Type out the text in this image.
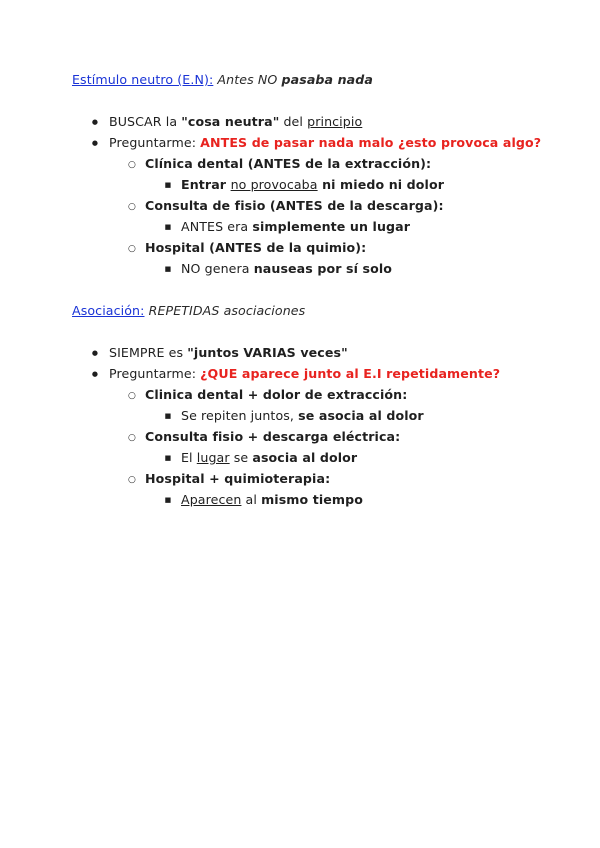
Estímulo neutro (E.N): Antes NO pasaba nada
●
BUSCAR la "cosa neutra" del principio
●
Preguntarme: ANTES de pasar nada malo ¿esto provoca algo?
○
Clínica dental (ANTES de la extracción):
■
Entrar no provocaba ni miedo ni dolor
○
Consulta de fisio (ANTES de la descarga):
■
ANTES era simplemente un lugar
○
Hospital (ANTES de la quimio):
■
NO genera nauseas por sí solo
Asociación: REPETIDAS asociaciones
●
SIEMPRE es "juntos VARIAS veces"
●
Preguntarme: ¿QUE aparece junto al E.I repetidamente?
○
Clinica dental + dolor de extracción:
■
Se repiten juntos, se asocia al dolor
○
Consulta fisio + descarga eléctrica:
■
El lugar se asocia al dolor
○
Hospital + quimioterapia:
■
Aparecen al mismo tiempo
